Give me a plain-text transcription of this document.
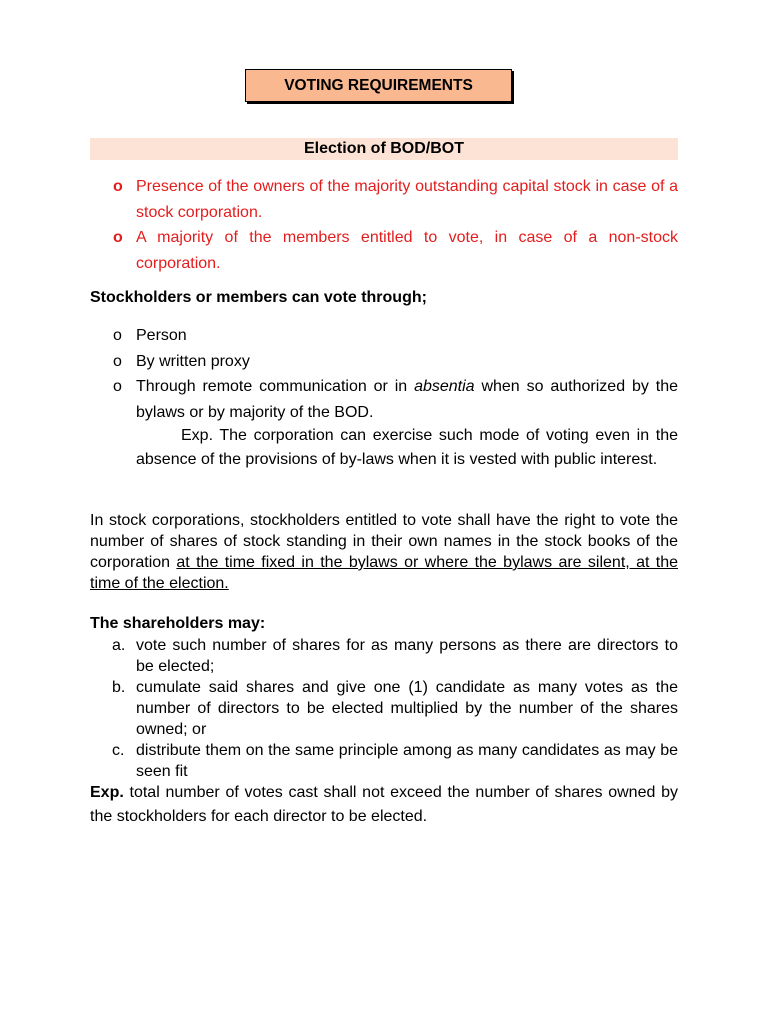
VOTING REQUIREMENTS
Election of BOD/BOT
o Presence of the owners of the majority outstanding capital stock in case of a stock corporation.
o A majority of the members entitled to vote, in case of a non-stock corporation.
Stockholders or members can vote through;
o Person
o By written proxy
o Through remote communication or in absentia when so authorized by the bylaws or by majority of the BOD.
Exp. The corporation can exercise such mode of voting even in the absence of the provisions of by-laws when it is vested with public interest.
In stock corporations, stockholders entitled to vote shall have the right to vote the number of shares of stock standing in their own names in the stock books of the corporation at the time fixed in the bylaws or where the bylaws are silent, at the time of the election.
The shareholders may:
a. vote such number of shares for as many persons as there are directors to be elected;
b. cumulate said shares and give one (1) candidate as many votes as the number of directors to be elected multiplied by the number of the shares owned; or
c. distribute them on the same principle among as many candidates as may be seen fit
Exp. total number of votes cast shall not exceed the number of shares owned by the stockholders for each director to be elected.
